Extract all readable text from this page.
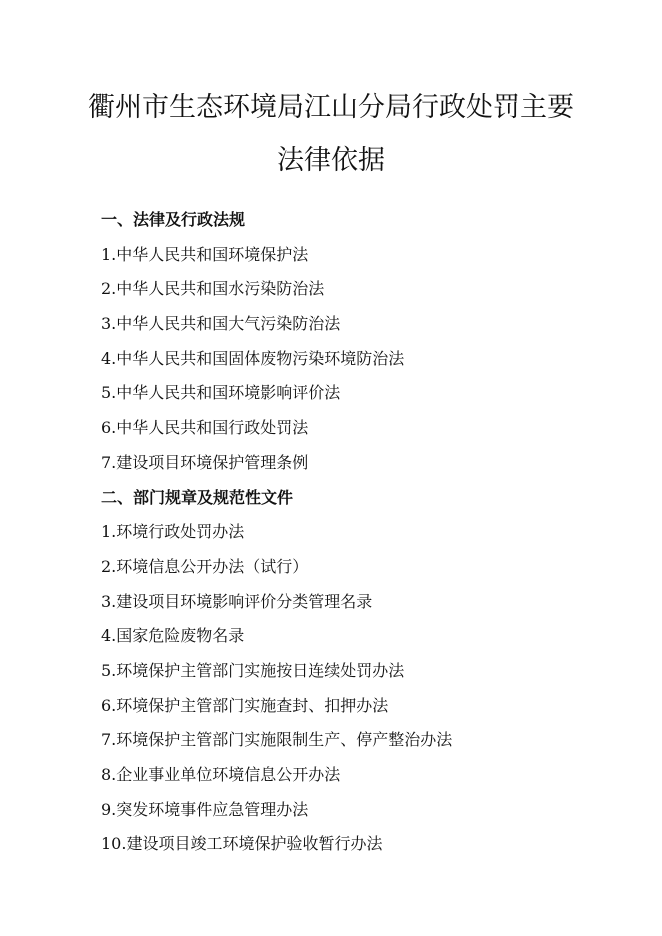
衢州市生态环境局江山分局行政处罚主要
法律依据
一、法律及行政法规
1.中华人民共和国环境保护法
2.中华人民共和国水污染防治法
3.中华人民共和国大气污染防治法
4.中华人民共和国固体废物污染环境防治法
5.中华人民共和国环境影响评价法
6.中华人民共和国行政处罚法
7.建设项目环境保护管理条例
二、部门规章及规范性文件
1.环境行政处罚办法
2.环境信息公开办法（试行）
3.建设项目环境影响评价分类管理名录
4.国家危险废物名录
5.环境保护主管部门实施按日连续处罚办法
6.环境保护主管部门实施查封、扣押办法
7.环境保护主管部门实施限制生产、停产整治办法
8.企业事业单位环境信息公开办法
9.突发环境事件应急管理办法
10.建设项目竣工环境保护验收暂行办法
